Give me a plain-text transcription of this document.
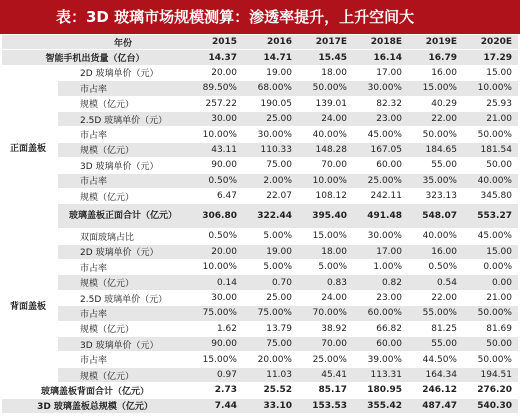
表：3D 玻璃市场规模测算：渗透率提升，上升空间大
	年份	2015	2016	2017E	2018E	2019E	2020E
智能手机出货量（亿台）		14.37	14.71	15.45	16.14	16.79	17.29
正面盖板	2D 玻璃单价（元）	20.00	19.00	18.00	17.00	16.00	15.00
	市占率	89.50%	68.00%	50.00%	30.00%	15.00%	10.00%
	规模（亿元）	257.22	190.05	139.01	82.32	40.29	25.93
	2.5D 玻璃单价（元）	30.00	25.00	24.00	23.00	22.00	21.00
	市占率	10.00%	30.00%	40.00%	45.00%	50.00%	50.00%
	规模（亿元）	43.11	110.33	148.28	167.05	184.65	181.54
	3D 玻璃单价（元）	90.00	75.00	70.00	60.00	55.00	50.00
	市占率	0.50%	2.00%	10.00%	25.00%	35.00%	40.00%
	规模（亿元）	6.47	22.07	108.12	242.11	323.13	345.80
	玻璃盖板正面合计（亿元）	306.80	322.44	395.40	491.48	548.07	553.27
背面盖板	双面玻璃占比	0.50%	5.00%	15.00%	30.00%	40.00%	45.00%
	2D 玻璃单价（元）	20.00	19.00	18.00	17.00	16.00	15.00
	市占率	10.00%	5.00%	5.00%	1.00%	0.50%	0.00%
	规模（亿元）	0.14	0.70	0.83	0.82	0.54	0.00
	2.5D 玻璃单价（元）	30.00	25.00	24.00	23.00	22.00	21.00
	市占率	75.00%	75.00%	70.00%	60.00%	55.00%	50.00%
	规模（亿元）	1.62	13.79	38.92	66.82	81.25	81.69
	3D 玻璃单价（元）	90.00	75.00	70.00	60.00	55.00	50.00
	市占率	15.00%	20.00%	25.00%	39.00%	44.50%	50.00%
	规模（亿元）	0.97	11.03	45.41	113.31	164.34	194.51
玻璃盖板背面合计（亿元）		2.73	25.52	85.17	180.95	246.12	276.20
3D 玻璃盖板总规模（亿元）		7.44	33.10	153.53	355.42	487.47	540.30
